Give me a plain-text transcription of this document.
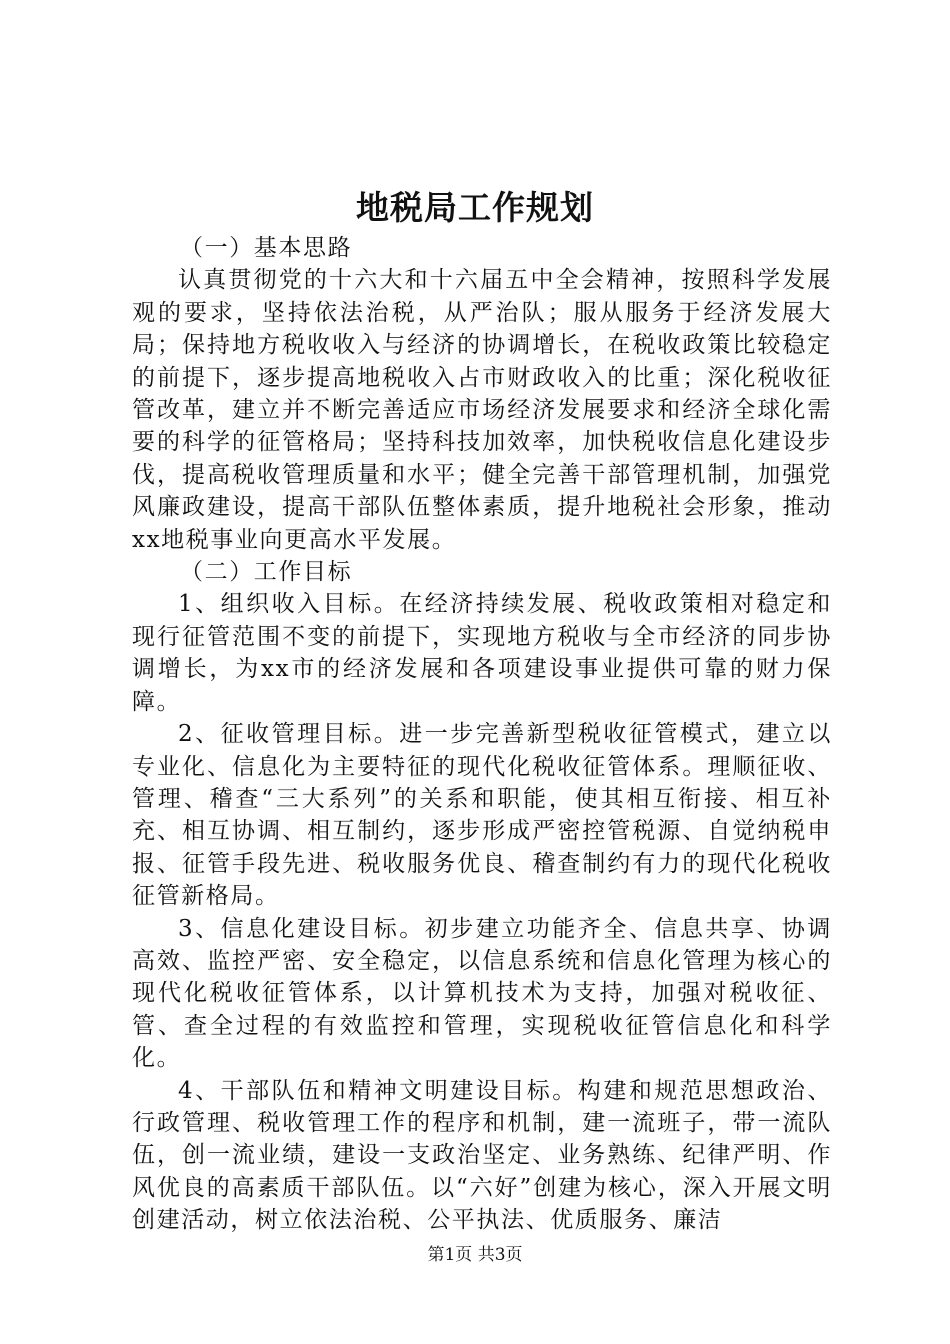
地税局工作规划

（一）基本思路

认真贯彻党的十六大和十六届五中全会精神，按照科学发展观的要求，坚持依法治税，从严治队；服从服务于经济发展大局；保持地方税收收入与经济的协调增长，在税收政策比较稳定的前提下，逐步提高地税收入占市财政收入的比重；深化税收征管改革，建立并不断完善适应市场经济发展要求和经济全球化需要的科学的征管格局；坚持科技加效率，加快税收信息化建设步伐，提高税收管理质量和水平；健全完善干部管理机制，加强党风廉政建设，提高干部队伍整体素质，提升地税社会形象，推动xx地税事业向更高水平发展。

（二）工作目标

1、组织收入目标。在经济持续发展、税收政策相对稳定和现行征管范围不变的前提下，实现地方税收与全市经济的同步协调增长，为xx市的经济发展和各项建设事业提供可靠的财力保障。

2、征收管理目标。进一步完善新型税收征管模式，建立以专业化、信息化为主要特征的现代化税收征管体系。理顺征收、管理、稽查“三大系列”的关系和职能，使其相互衔接、相互补充、相互协调、相互制约，逐步形成严密控管税源、自觉纳税申报、征管手段先进、税收服务优良、稽查制约有力的现代化税收征管新格局。

3、信息化建设目标。初步建立功能齐全、信息共享、协调高效、监控严密、安全稳定，以信息系统和信息化管理为核心的现代化税收征管体系，以计算机技术为支持，加强对税收征、管、查全过程的有效监控和管理，实现税收征管信息化和科学化。

4、干部队伍和精神文明建设目标。构建和规范思想政治、行政管理、税收管理工作的程序和机制，建一流班子，带一流队伍，创一流业绩，建设一支政治坚定、业务熟练、纪律严明、作风优良的高素质干部队伍。以“六好”创建为核心，深入开展文明创建活动，树立依法治税、公平执法、优质服务、廉洁

第1页 共3页
